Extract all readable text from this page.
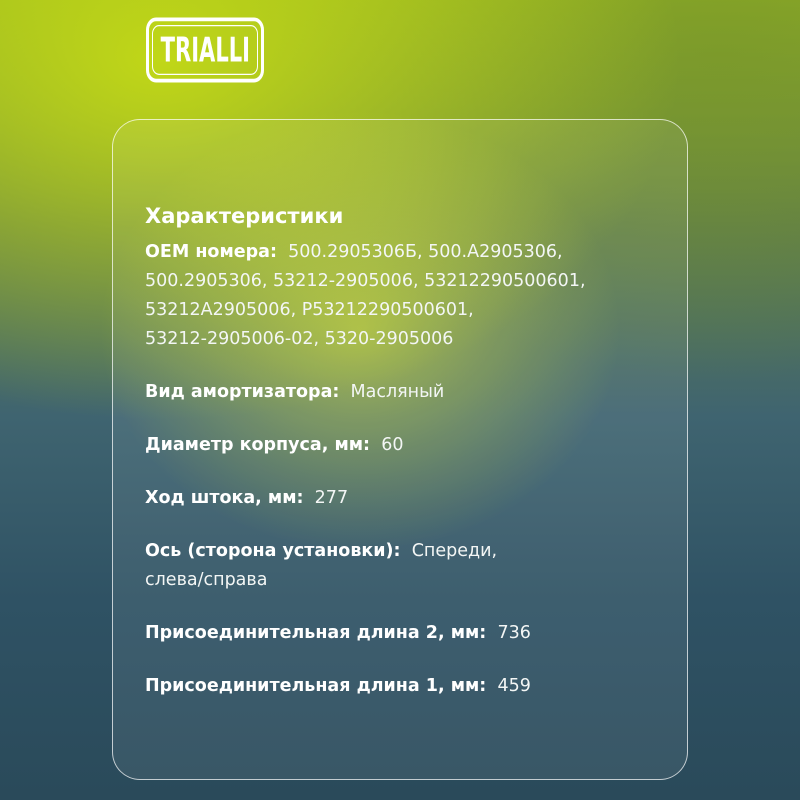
TRIALLI
Характеристики

ОЕМ номера: 500.2905306Б, 500.А2905306,

500.2905306, 53212-2905006, 53212290500601,

53212А2905006, Р53212290500601,

53212-2905006-02, 5320-2905006

Вид амортизатора: Масляный

Диаметр корпуса, мм: 60

Ход штока, мм: 277

Ось (сторона установки): Спереди,

слева/справа

Присоединительная длина 2, мм: 736

Присоединительная длина 1, мм: 459
